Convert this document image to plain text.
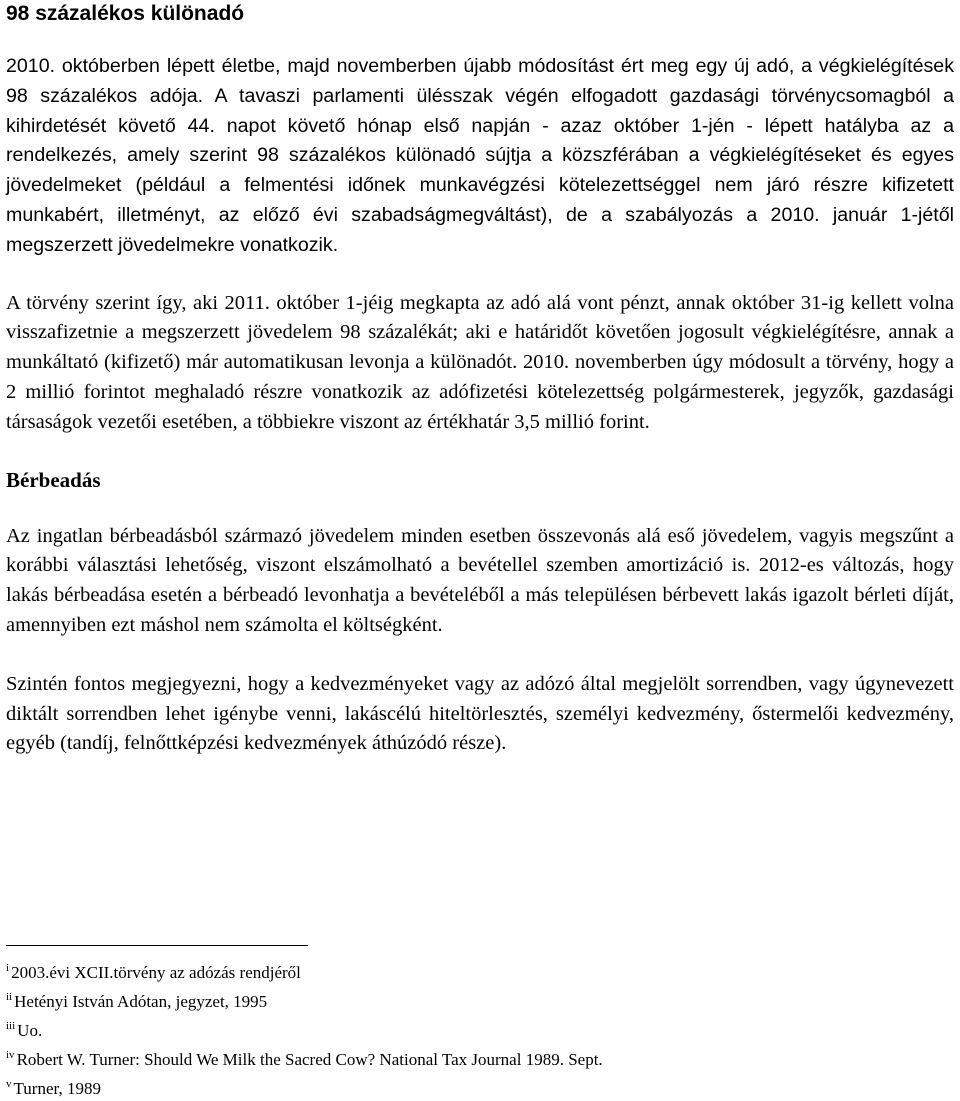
98 százalékos különadó

2010. októberben lépett életbe, majd novemberben újabb módosítást ért meg egy új adó, a végkielégítések 98 százalékos adója. A tavaszi parlamenti ülésszak végén elfogadott gazdasági törvénycsomagból a kihirdetését követő 44. napot követő hónap első napján - azaz október 1-jén - lépett hatályba az a rendelkezés, amely szerint 98 százalékos különadó sújtja a közszférában a végkielégítéseket és egyes jövedelmeket (például a felmentési időnek munkavégzési kötelezettséggel nem járó részre kifizetett munkabért, illetményt, az előző évi szabadságmegváltást), de a szabályozás a 2010. január 1-jétől megszerzett jövedelmekre vonatkozik.

A törvény szerint így, aki 2011. október 1-jéig megkapta az adó alá vont pénzt, annak október 31-ig kellett volna visszafizetnie a megszerzett jövedelem 98 százalékát; aki e határidőt követően jogosult végkielégítésre, annak a munkáltató (kifizető) már automatikusan levonja a különadót. 2010. novemberben úgy módosult a törvény, hogy a 2 millió forintot meghaladó részre vonatkozik az adófizetési kötelezettség polgármesterek, jegyzők, gazdasági társaságok vezetői esetében, a többiekre viszont az értékhatár 3,5 millió forint.

Bérbeadás

Az ingatlan bérbeadásból származó jövedelem minden esetben összevonás alá eső jövedelem, vagyis megszűnt a korábbi választási lehetőség, viszont elszámolható a bevétellel szemben amortizáció is. 2012-es változás, hogy lakás bérbeadása esetén a bérbeadó levonhatja a bevételéből a más településen bérbevett lakás igazolt bérleti díját, amennyiben ezt máshol nem számolta el költségként.

Szintén fontos megjegyezni, hogy a kedvezményeket vagy az adózó által megjelölt sorrendben, vagy úgynevezett diktált sorrendben lehet igénybe venni, lakáscélú hiteltörlesztés, személyi kedvezmény, őstermelői kedvezmény, egyéb (tandíj, felnőttképzési kedvezmények áthúzódó része).

$^i$ 2003.évi XCII.törvény az adózás rendjéről
$^{ii}$ Hetényi István Adótan, jegyzet, 1995
$^{iii}$ Uo.
$^{iv}$ Robert W. Turner: Should We Milk the Sacred Cow? National Tax Journal 1989. Sept.
$^v$ Turner, 1989
